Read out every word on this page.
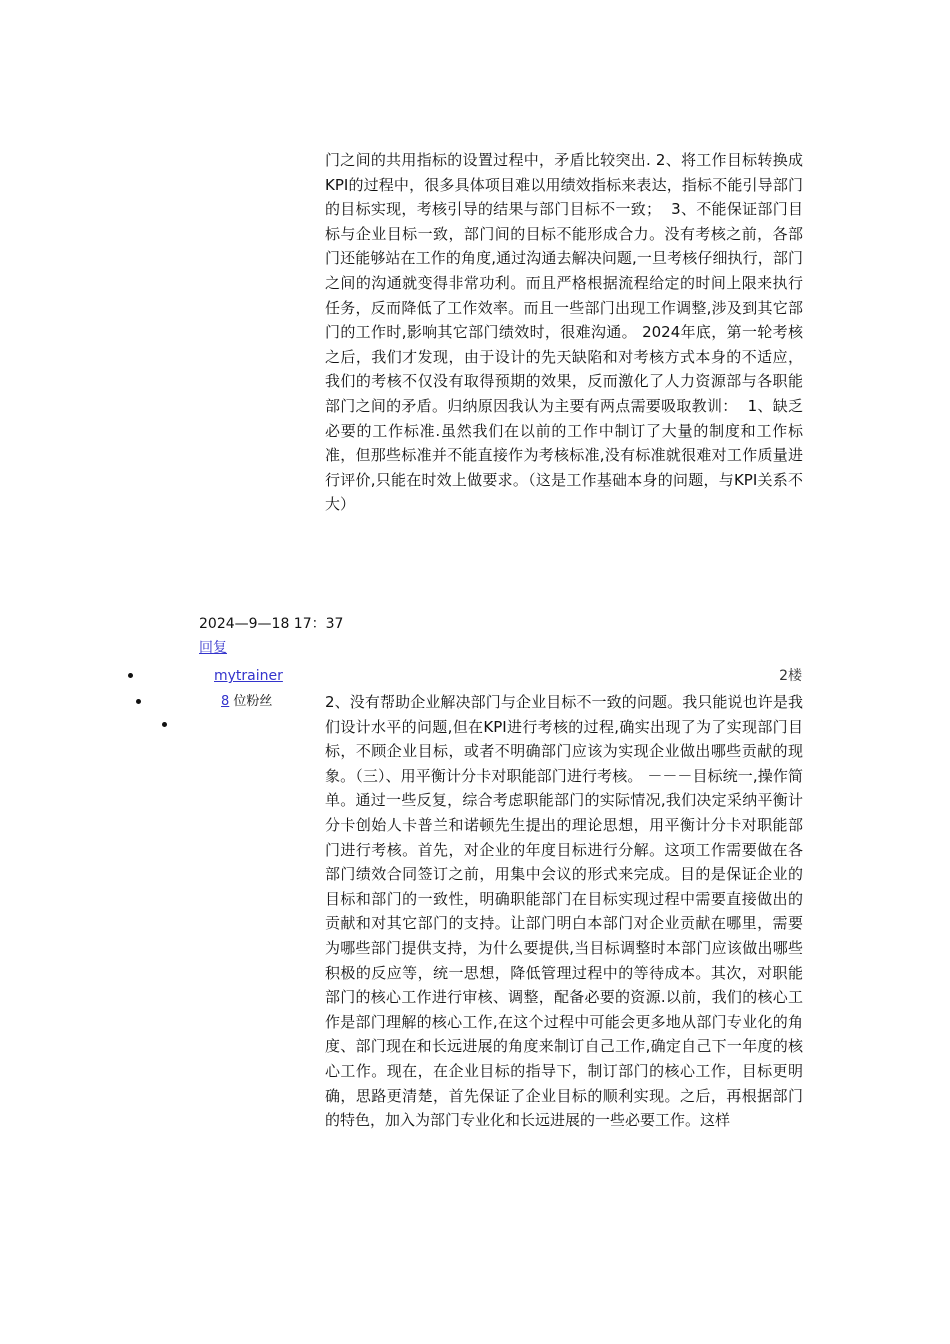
门之间的共用指标的设置过程中，矛盾比较突出. 2、将工作目标转换成KPI的过程中，很多具体项目难以用绩效指标来表达，指标不能引导部门的目标实现，考核引导的结果与部门目标不一致；  3、不能保证部门目标与企业目标一致，部门间的目标不能形成合力。没有考核之前，各部门还能够站在工作的角度,通过沟通去解决问题,一旦考核仔细执行，部门之间的沟通就变得非常功利。而且严格根据流程给定的时间上限来执行任务，反而降低了工作效率。而且一些部门出现工作调整,涉及到其它部门的工作时,影响其它部门绩效时，很难沟通。 2024年底，第一轮考核之后，我们才发现，由于设计的先天缺陷和对考核方式本身的不适应，我们的考核不仅没有取得预期的效果，反而激化了人力资源部与各职能部门之间的矛盾。归纳原因我认为主要有两点需要吸取教训：  1、缺乏必要的工作标准.虽然我们在以前的工作中制订了大量的制度和工作标准，但那些标准并不能直接作为考核标准,没有标准就很难对工作质量进行评价,只能在时效上做要求。（这是工作基础本身的问题，与KPI关系不大）

2024—9—18 17：37
回复
mytrainer
8 位粉丝
2楼

2、没有帮助企业解决部门与企业目标不一致的问题。我只能说也许是我们设计水平的问题,但在KPI进行考核的过程,确实出现了为了实现部门目标，不顾企业目标，或者不明确部门应该为实现企业做出哪些贡献的现象。（三）、用平衡计分卡对职能部门进行考核。 －－－目标统一,操作简单。通过一些反复，综合考虑职能部门的实际情况,我们决定采纳平衡计分卡创始人卡普兰和诺顿先生提出的理论思想，用平衡计分卡对职能部门进行考核。首先，对企业的年度目标进行分解。这项工作需要做在各部门绩效合同签订之前，用集中会议的形式来完成。目的是保证企业的目标和部门的一致性，明确职能部门在目标实现过程中需要直接做出的贡献和对其它部门的支持。让部门明白本部门对企业贡献在哪里，需要为哪些部门提供支持，为什么要提供,当目标调整时本部门应该做出哪些积极的反应等，统一思想，降低管理过程中的等待成本。其次，对职能部门的核心工作进行审核、调整，配备必要的资源.以前，我们的核心工作是部门理解的核心工作,在这个过程中可能会更多地从部门专业化的角度、部门现在和长远进展的角度来制订自己工作,确定自己下一年度的核心工作。现在，在企业目标的指导下，制订部门的核心工作，目标更明确，思路更清楚，首先保证了企业目标的顺利实现。之后，再根据部门的特色，加入为部门专业化和长远进展的一些必要工作。这样
